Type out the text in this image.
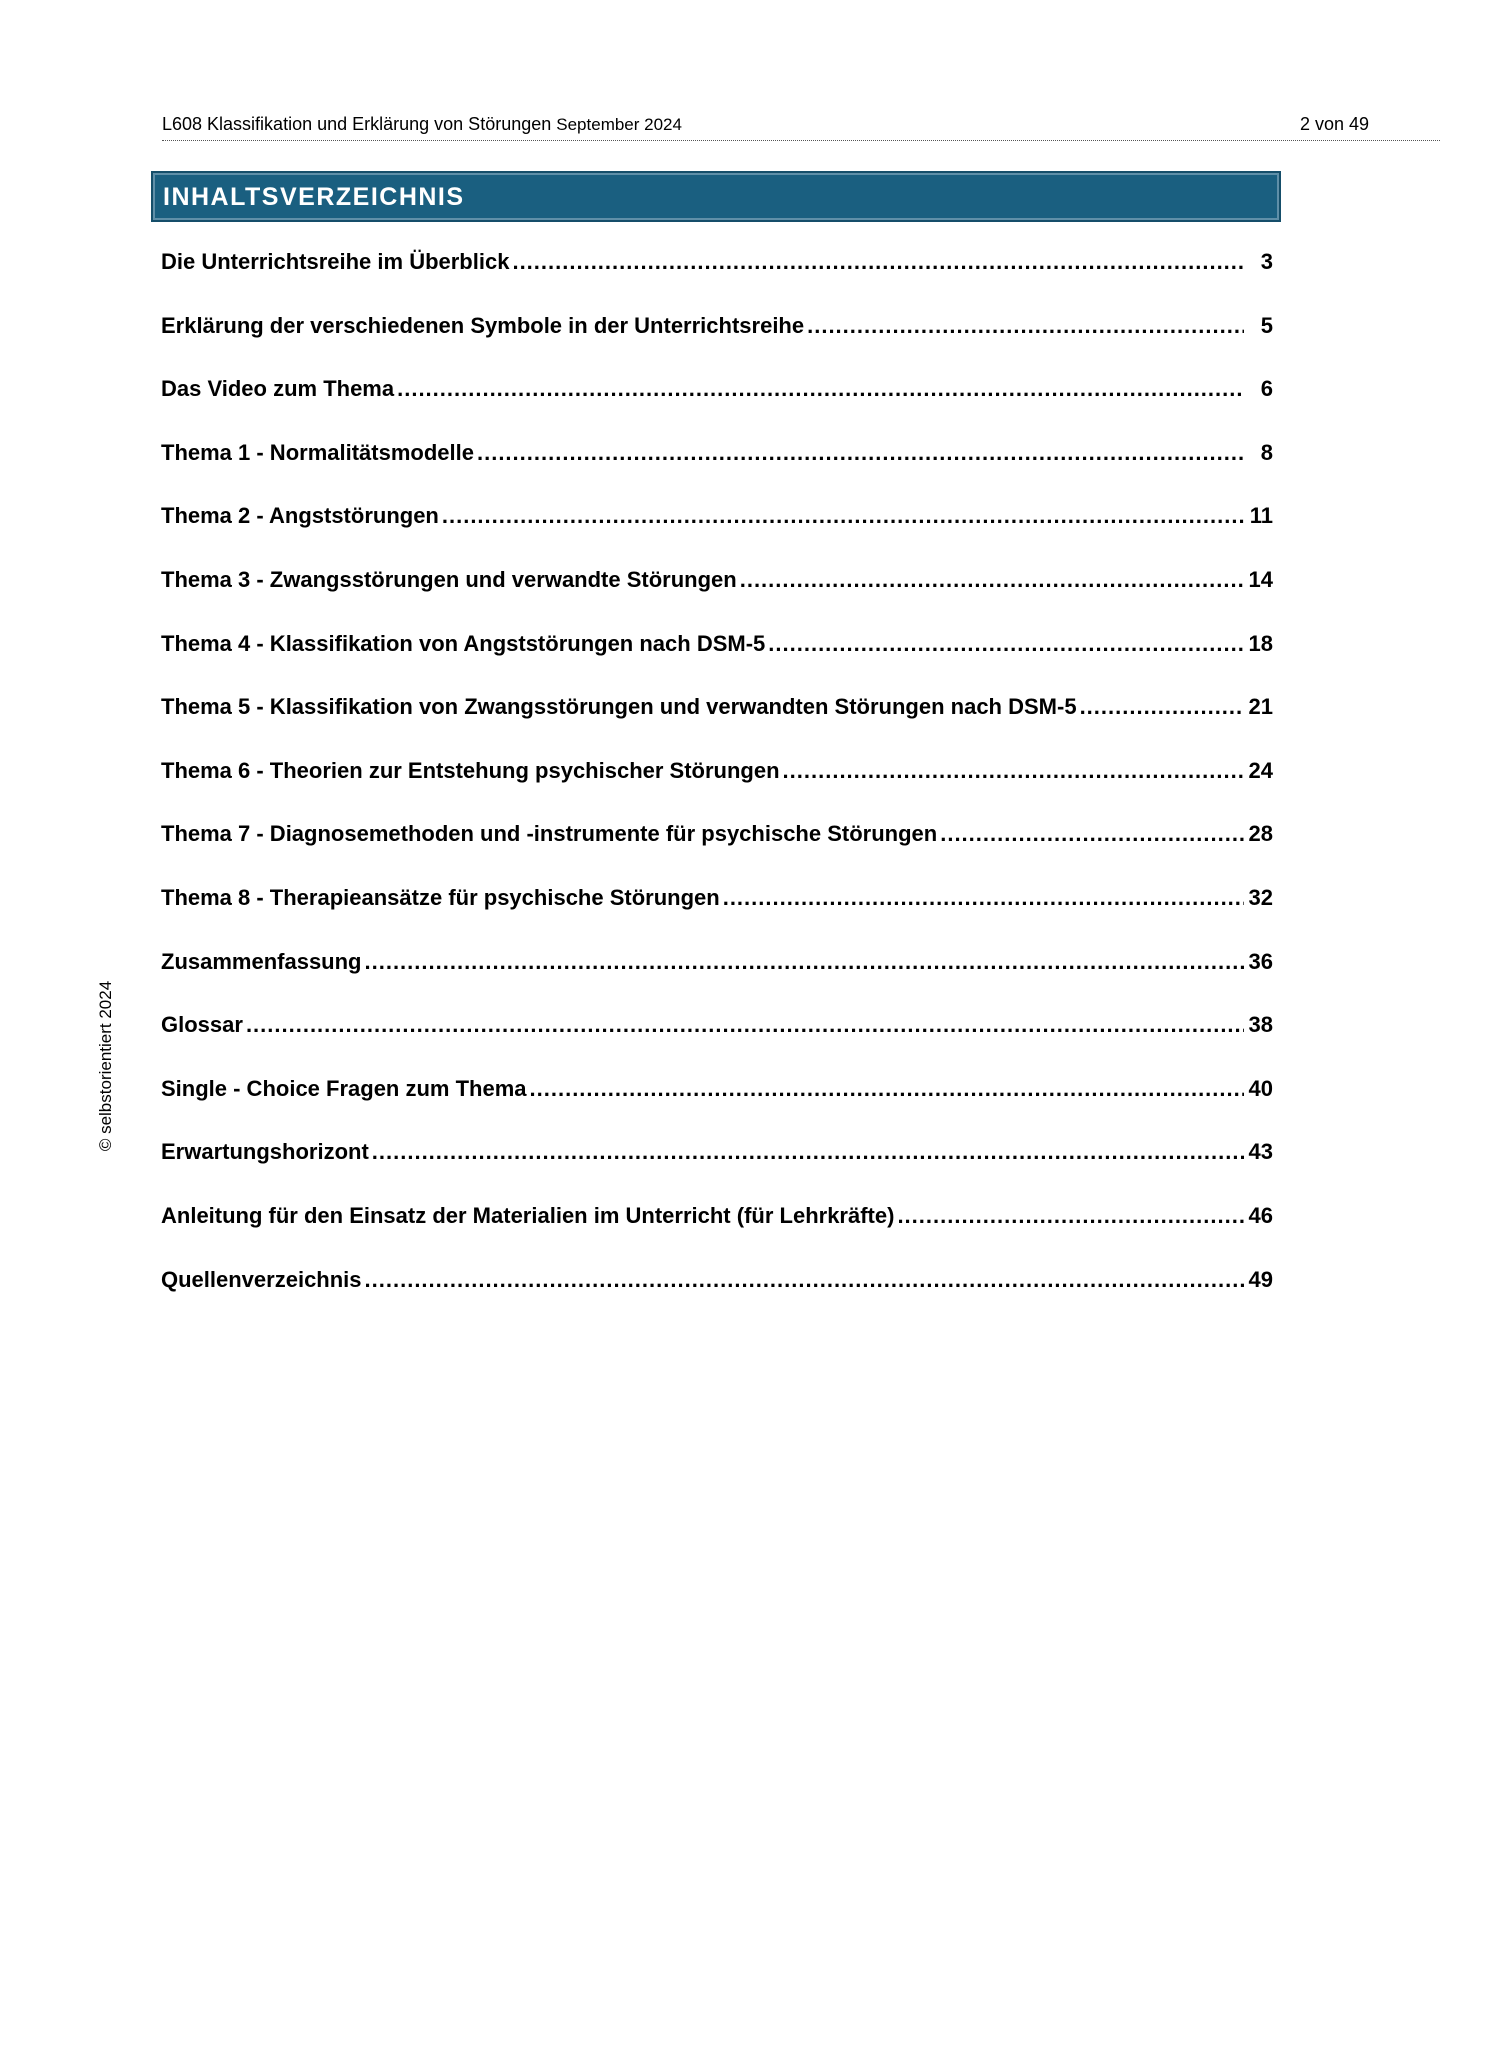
L608 Klassifikation und Erklärung von Störungen September 2024	2 von 49
INHALTSVERZEICHNIS
Die Unterrichtsreihe im Überblick .....	3
Erklärung der verschiedenen Symbole in der Unterrichtsreihe .....	5
Das Video zum Thema .....	6
Thema 1 - Normalitätsmodelle .....	8
Thema 2 - Angststörungen .....	11
Thema 3 - Zwangsstörungen und verwandte Störungen .....	14
Thema 4 - Klassifikation von Angststörungen nach DSM-5 .....	18
Thema 5 - Klassifikation von Zwangsstörungen und verwandten Störungen nach DSM-5 .....	21
Thema 6 - Theorien zur Entstehung psychischer Störungen .....	24
Thema 7 - Diagnosemethoden und -instrumente für psychische Störungen .....	28
Thema 8 - Therapieansätze für psychische Störungen .....	32
Zusammenfassung .....	36
Glossar .....	38
Single - Choice Fragen zum Thema .....	40
Erwartungshorizont .....	43
Anleitung für den Einsatz der Materialien im Unterricht (für Lehrkräfte) .....	46
Quellenverzeichnis .....	49
© selbstorientiert 2024
